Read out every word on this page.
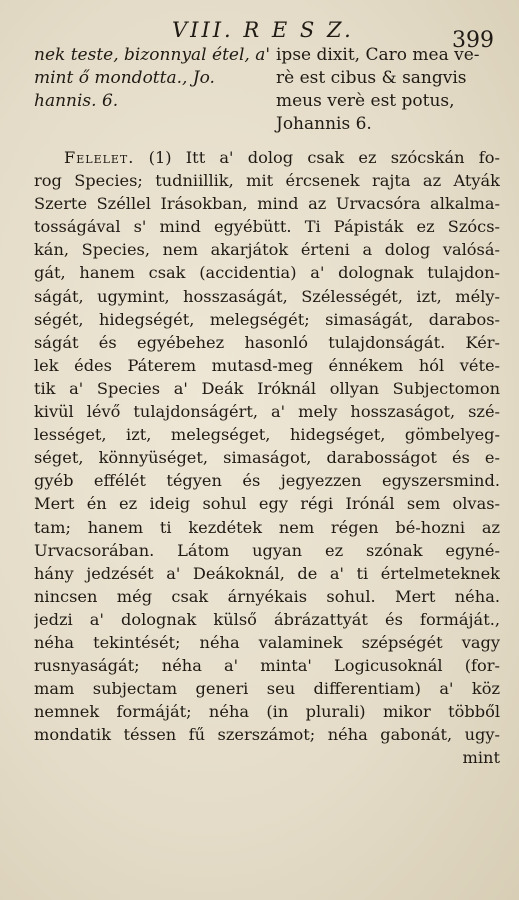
VIII. R E S Z.	399
nek teste, bizonnyal étel, a'
mint ő mondotta., Jo.
hannis. 6.
ipse dixit, Caro mea ve-
rè est cibus & sangvis
meus verè est potus,
Johannis 6.
Felelet. (1) Itt a' dolog csak ez szócskán fo-
rog Species; tudniillik, mit ércsenek rajta az Atyák
Szerte Széllel Irásokban, mind az Urvacsóra alkalma-
tosságával s' mind egyébütt. Ti Pápisták ez Szócs-
kán, Species, nem akarjátok érteni a dolog valósá-
gát, hanem csak (accidentia) a' dolognak tulajdon-
ságát, ugymint, hosszaságát, Szélességét, izt, mély-
ségét, hidegségét, melegségét; simaságát, darabos-
ságát és egyébehez hasonló tulajdonságát. Kér-
lek édes Páterem mutasd-meg énnékem hól véte-
tik a' Species a' Deák Iróknál ollyan Subjectomon
kivül lévő tulajdonságért, a' mely hosszaságot, szé-
lességet, izt, melegséget, hidegséget, gömbelyeg-
séget, könnyüséget, simaságot, darabosságot és e-
gyéb effélét tégyen és jegyezzen egyszersmind.
Mert én ez ideig sohul egy régi Irónál sem olvas-
tam; hanem ti kezdétek nem régen bé-hozni az
Urvacsorában. Látom ugyan ez szónak egyné-
hány jedzését a' Deákoknál, de a' ti értelmeteknek
nincsen még csak árnyékais sohul. Mert néha.
jedzi a' dolognak külső ábrázattyát és formáját.,
néha tekintését; néha valaminek szépségét vagy
rusnyaságát; néha a' minta' Logicusoknál (for-
mam subjectam generi seu differentiam) a' köz
nemnek formáját; néha (in plurali) mikor többől
mondatik téssen fű szerszámot; néha gabonát, ugy-
mint
